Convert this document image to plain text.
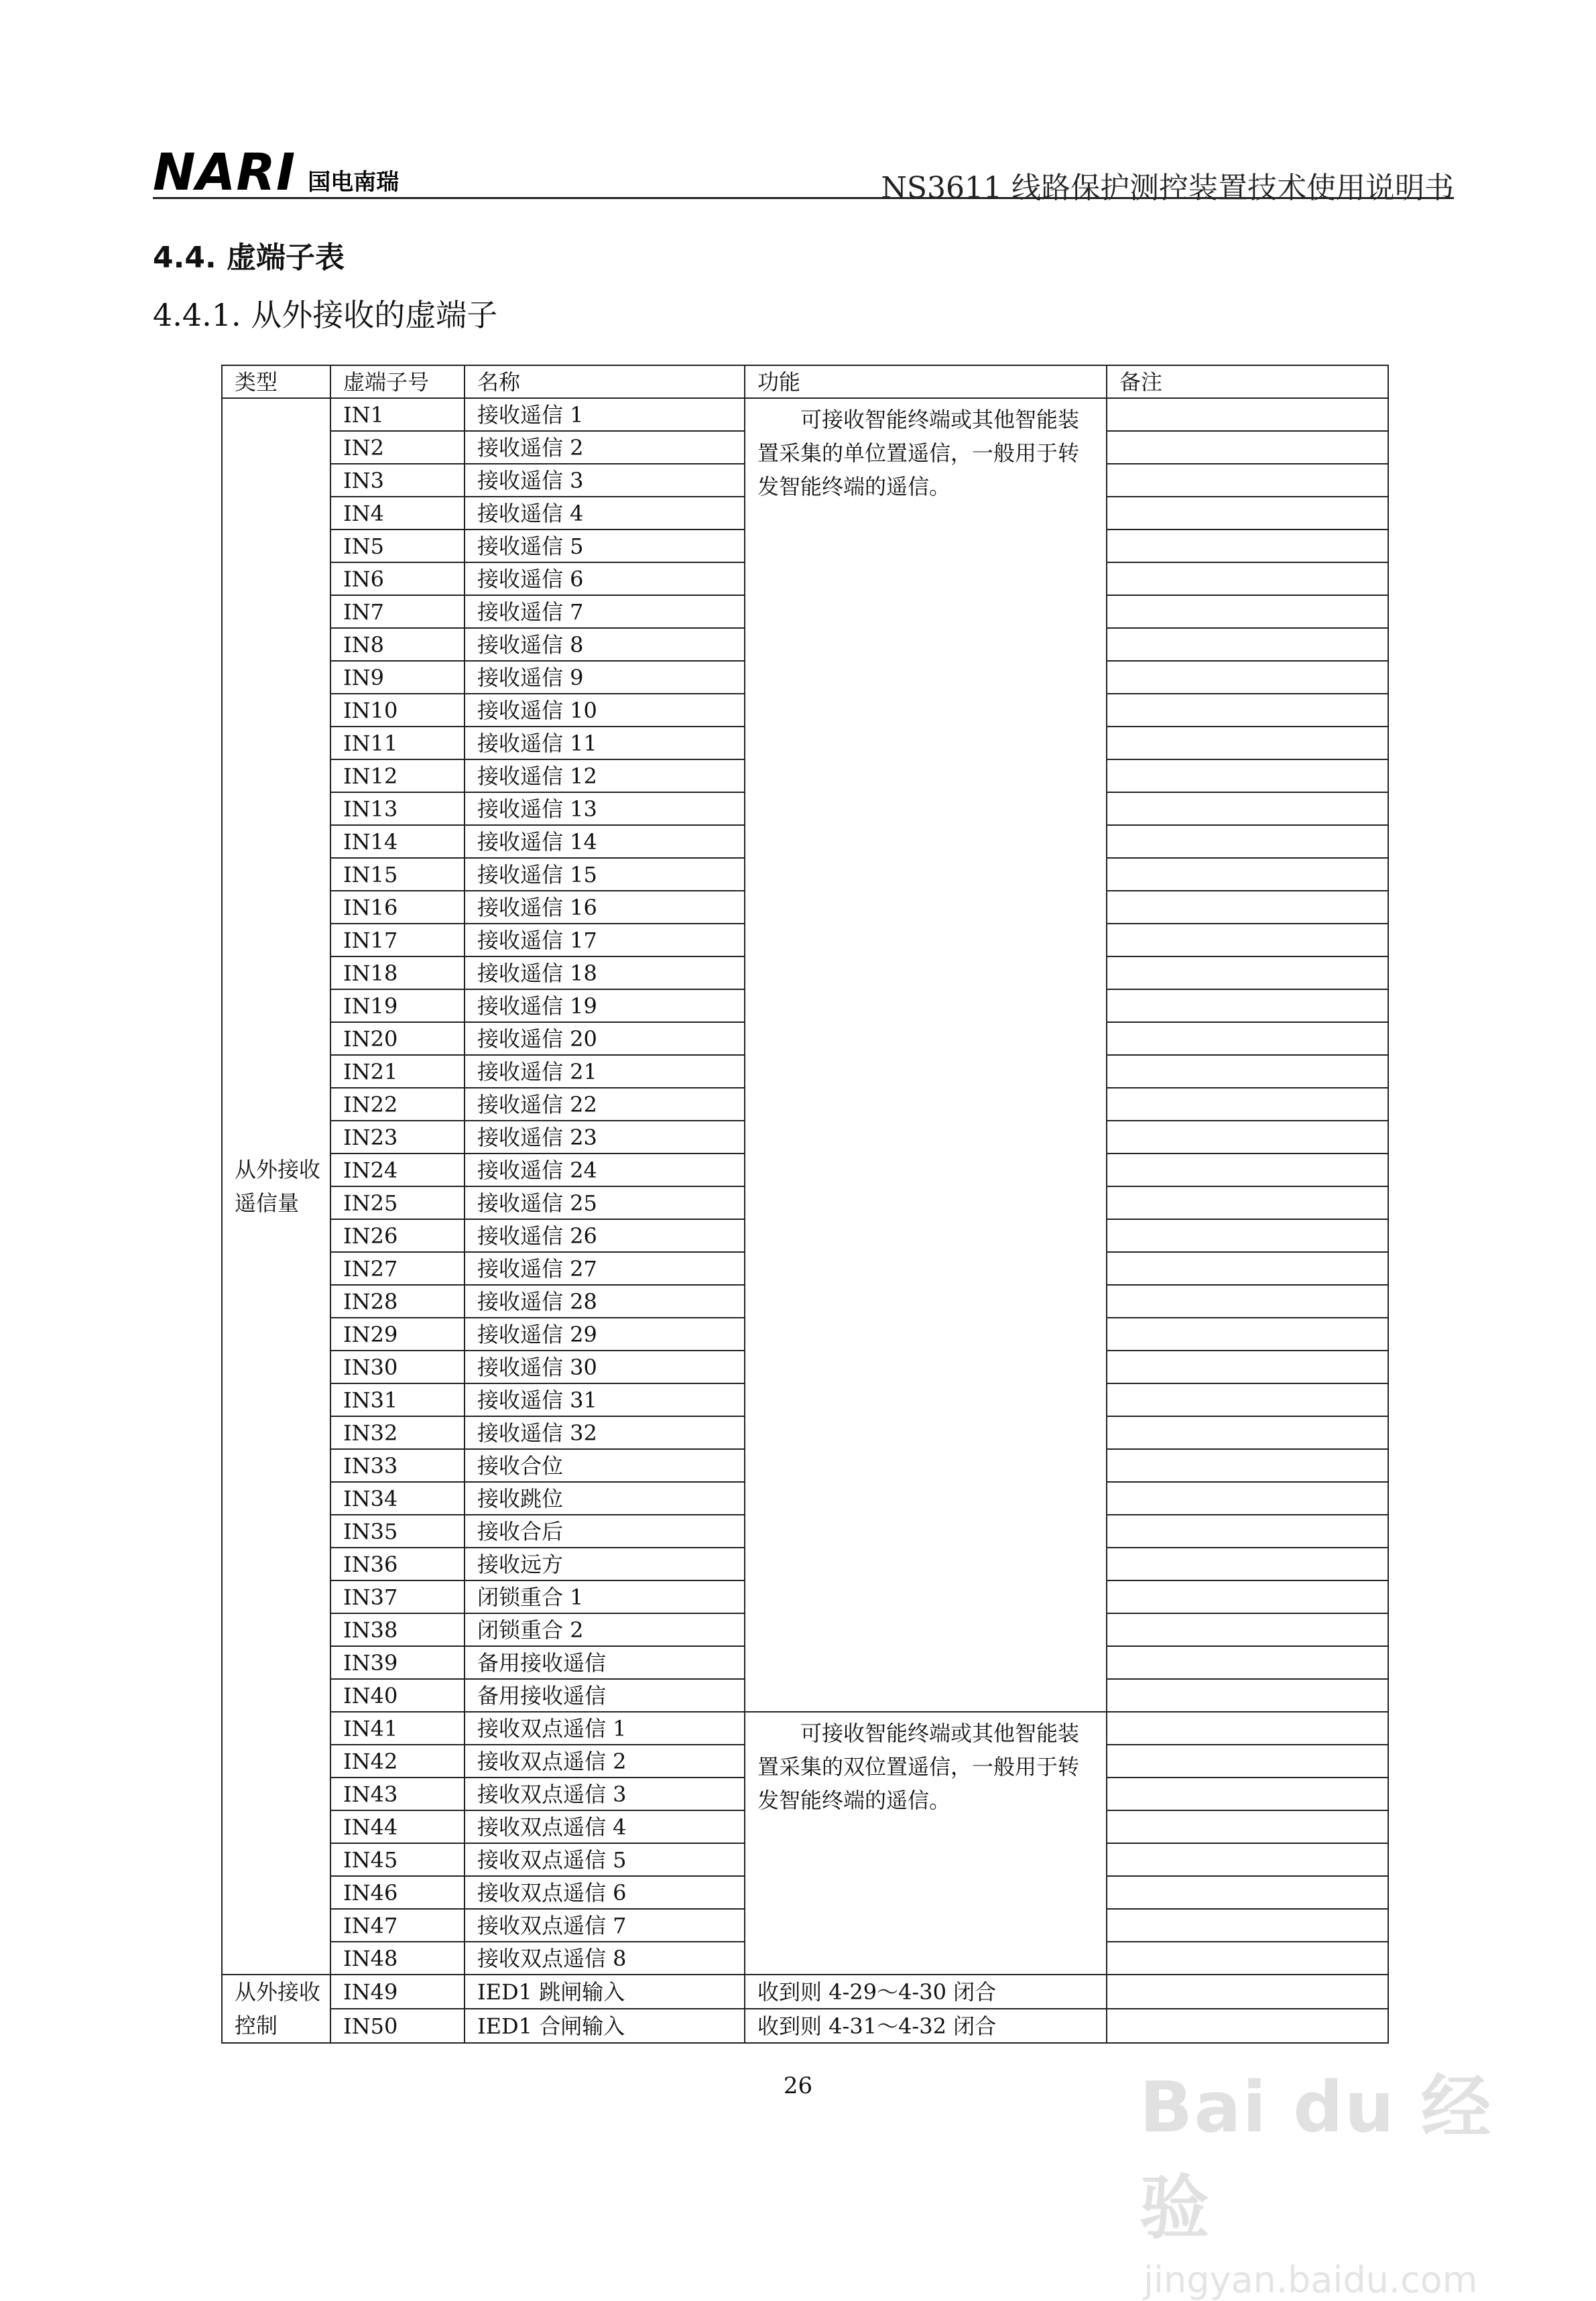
NARI 国电南瑞	NS3611 线路保护测控装置技术使用说明书
4.4. 虚端子表
4.4.1. 从外接收的虚端子
类型	虚端子号	名称	功能	备注
从外接收遥信量	IN1	接收遥信 1	可接收智能终端或其他智能装置采集的单位置遥信，一般用于转发智能终端的遥信。	
	IN2	接收遥信 2		
	IN3	接收遥信 3		
	IN4	接收遥信 4		
	IN5	接收遥信 5		
	IN6	接收遥信 6		
	IN7	接收遥信 7		
	IN8	接收遥信 8		
	IN9	接收遥信 9		
	IN10	接收遥信 10		
	IN11	接收遥信 11		
	IN12	接收遥信 12		
	IN13	接收遥信 13		
	IN14	接收遥信 14		
	IN15	接收遥信 15		
	IN16	接收遥信 16		
	IN17	接收遥信 17		
	IN18	接收遥信 18		
	IN19	接收遥信 19		
	IN20	接收遥信 20		
	IN21	接收遥信 21		
	IN22	接收遥信 22		
	IN23	接收遥信 23		
	IN24	接收遥信 24		
	IN25	接收遥信 25		
	IN26	接收遥信 26		
	IN27	接收遥信 27		
	IN28	接收遥信 28		
	IN29	接收遥信 29		
	IN30	接收遥信 30		
	IN31	接收遥信 31		
	IN32	接收遥信 32		
	IN33	接收合位		
	IN34	接收跳位		
	IN35	接收合后		
	IN36	接收远方		
	IN37	闭锁重合 1		
	IN38	闭锁重合 2		
	IN39	备用接收遥信		
	IN40	备用接收遥信		
	IN41	接收双点遥信 1	可接收智能终端或其他智能装置采集的双位置遥信，一般用于转发智能终端的遥信。	
	IN42	接收双点遥信 2		
	IN43	接收双点遥信 3		
	IN44	接收双点遥信 4		
	IN45	接收双点遥信 5		
	IN46	接收双点遥信 6		
	IN47	接收双点遥信 7		
	IN48	接收双点遥信 8		
从外接收控制	IN49	IED1 跳闸输入	收到则 4-29～4-30 闭合	
	IN50	IED1 合闸输入	收到则 4-31～4-32 闭合	
26	Bai du 经验
jingyan.baidu.com
